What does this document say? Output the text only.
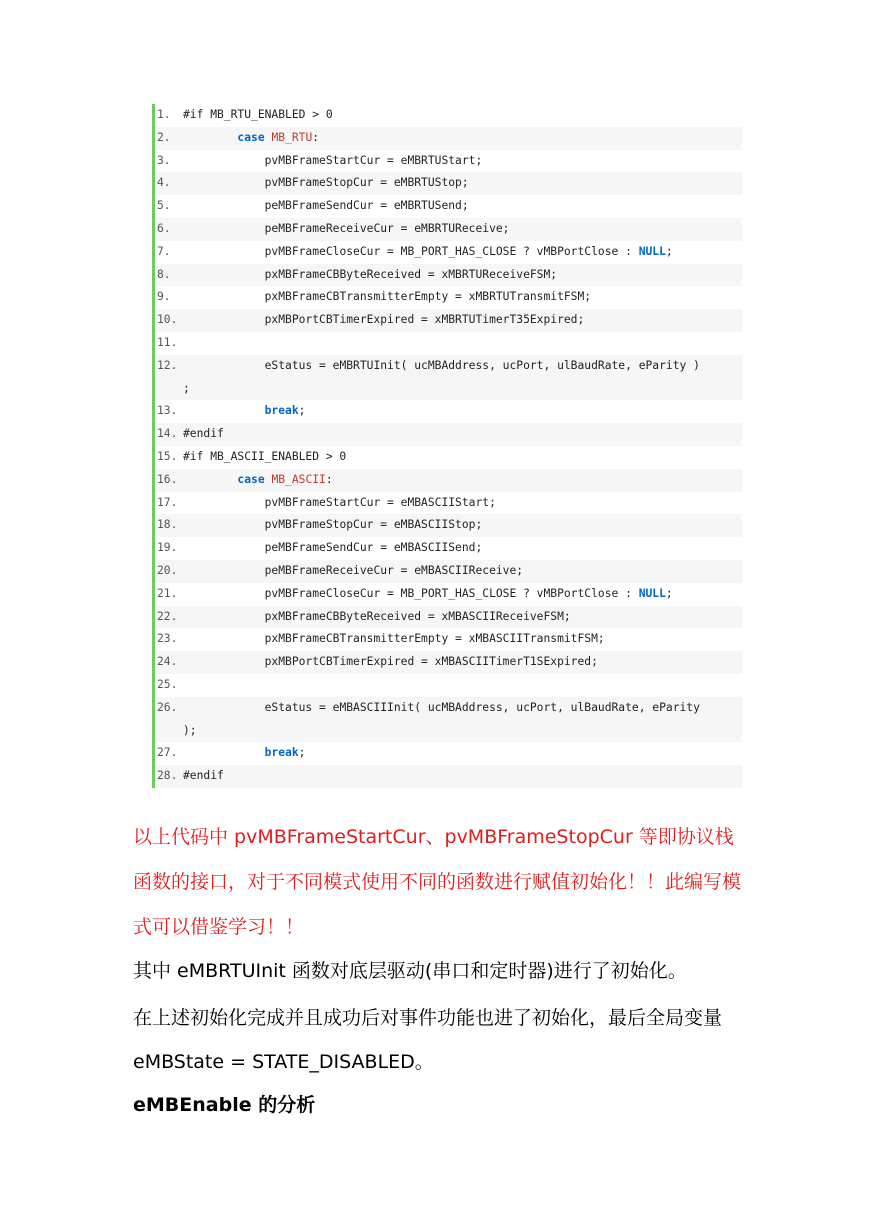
1.	#if MB_RTU_ENABLED > 0
2.	case MB_RTU:
3.	pvMBFrameStartCur = eMBRTUStart;
4.	pvMBFrameStopCur = eMBRTUStop;
5.	peMBFrameSendCur = eMBRTUSend;
6.	peMBFrameReceiveCur = eMBRTUReceive;
7.	pvMBFrameCloseCur = MB_PORT_HAS_CLOSE ? vMBPortClose : NULL;
8.	pxMBFrameCBByteReceived = xMBRTUReceiveFSM;
9.	pxMBFrameCBTransmitterEmpty = xMBRTUTransmitFSM;
10. pxMBPortCBTimerExpired = xMBRTUTimerT35Expired;
11.
12. eStatus = eMBRTUInit( ucMBAddress, ucPort, ulBaudRate, eParity )
;
13.	break;
14. #endif
15. #if MB_ASCII_ENABLED > 0
16.	case MB_ASCII:
17. pvMBFrameStartCur = eMBASCIIStart;
18. pvMBFrameStopCur = eMBASCIIStop;
19. peMBFrameSendCur = eMBASCIISend;
20. peMBFrameReceiveCur = eMBASCIIReceive;
21. pvMBFrameCloseCur = MB_PORT_HAS_CLOSE ? vMBPortClose : NULL;
22. pxMBFrameCBByteReceived = xMBASCIIReceiveFSM;
23. pxMBFrameCBTransmitterEmpty = xMBASCIITransmitFSM;
24. pxMBPortCBTimerExpired = xMBASCIITimerT1SExpired;
25.
26. eStatus = eMBASCIIInit( ucMBAddress, ucPort, ulBaudRate, eParity
);
27.	break;
28. #endif
以上代码中 pvMBFrameStartCur、pvMBFrameStopCur 等即协议栈函数的接口，对于不同模式使用不同的函数进行赋值初始化！！此编写模式可以借鉴学习！！
其中 eMBRTUInit 函数对底层驱动(串口和定时器)进行了初始化。
在上述初始化完成并且成功后对事件功能也进了初始化，最后全局变量 eMBState = STATE_DISABLED。
eMBEnable 的分析
